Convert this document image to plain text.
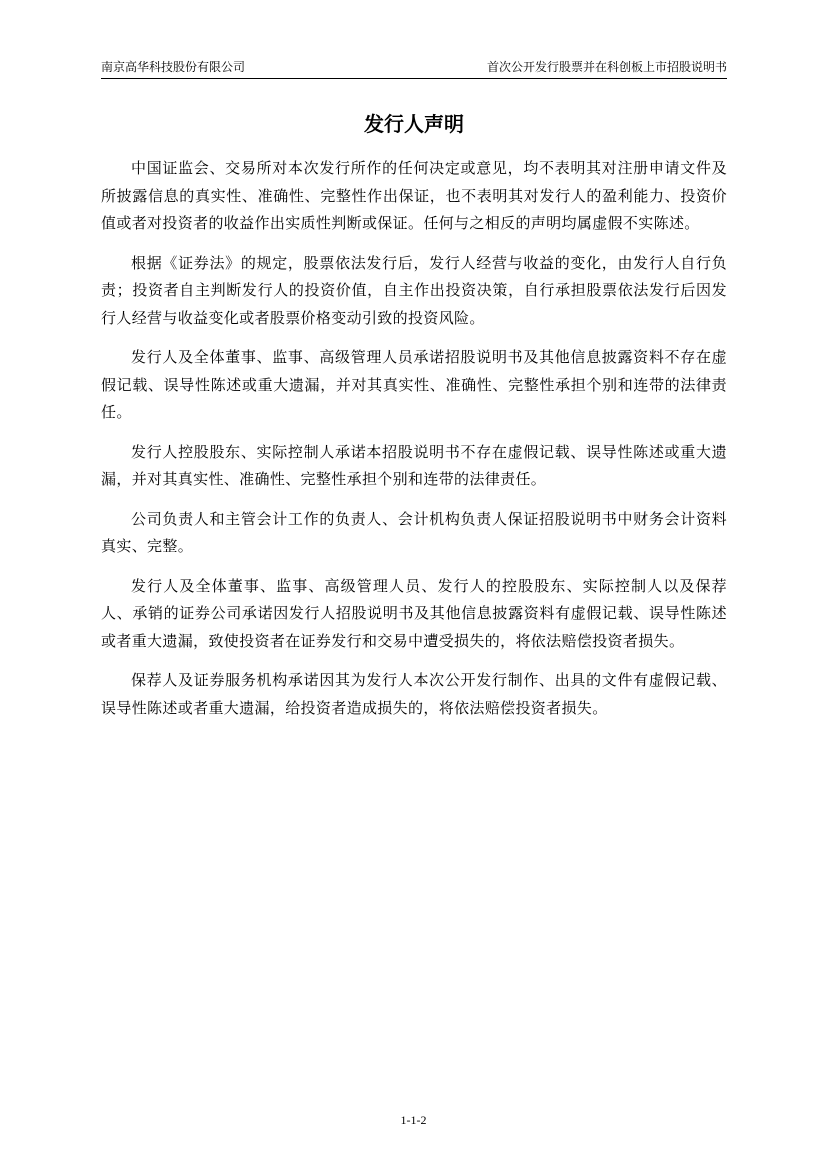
南京高华科技股份有限公司	首次公开发行股票并在科创板上市招股说明书
发行人声明

中国证监会、交易所对本次发行所作的任何决定或意见，均不表明其对注册申请文件及所披露信息的真实性、准确性、完整性作出保证，也不表明其对发行人的盈利能力、投资价值或者对投资者的收益作出实质性判断或保证。任何与之相反的声明均属虚假不实陈述。

根据《证券法》的规定，股票依法发行后，发行人经营与收益的变化，由发行人自行负责；投资者自主判断发行人的投资价值，自主作出投资决策，自行承担股票依法发行后因发行人经营与收益变化或者股票价格变动引致的投资风险。

发行人及全体董事、监事、高级管理人员承诺招股说明书及其他信息披露资料不存在虚假记载、误导性陈述或重大遗漏，并对其真实性、准确性、完整性承担个别和连带的法律责任。

发行人控股股东、实际控制人承诺本招股说明书不存在虚假记载、误导性陈述或重大遗漏，并对其真实性、准确性、完整性承担个别和连带的法律责任。

公司负责人和主管会计工作的负责人、会计机构负责人保证招股说明书中财务会计资料真实、完整。

发行人及全体董事、监事、高级管理人员、发行人的控股股东、实际控制人以及保荐人、承销的证券公司承诺因发行人招股说明书及其他信息披露资料有虚假记载、误导性陈述或者重大遗漏，致使投资者在证券发行和交易中遭受损失的，将依法赔偿投资者损失。

保荐人及证券服务机构承诺因其为发行人本次公开发行制作、出具的文件有虚假记载、误导性陈述或者重大遗漏，给投资者造成损失的，将依法赔偿投资者损失。

1-1-2
